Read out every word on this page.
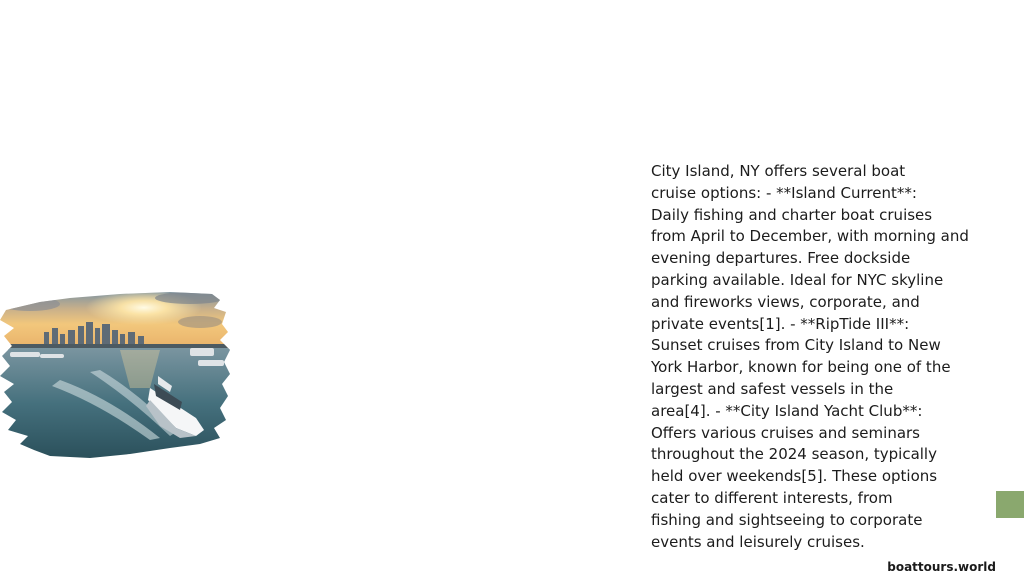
City Island, NY offers several boat
cruise options: - **Island Current**:
Daily fishing and charter boat cruises
from April to December, with morning and
evening departures. Free dockside
parking available. Ideal for NYC skyline
and fireworks views, corporate, and
private events[1]. - **RipTide III**:
Sunset cruises from City Island to New
York Harbor, known for being one of the
largest and safest vessels in the
area[4]. - **City Island Yacht Club**:
Offers various cruises and seminars
throughout the 2024 season, typically
held over weekends[5]. These options
cater to different interests, from
fishing and sightseeing to corporate
events and leisurely cruises.

boattours.world
